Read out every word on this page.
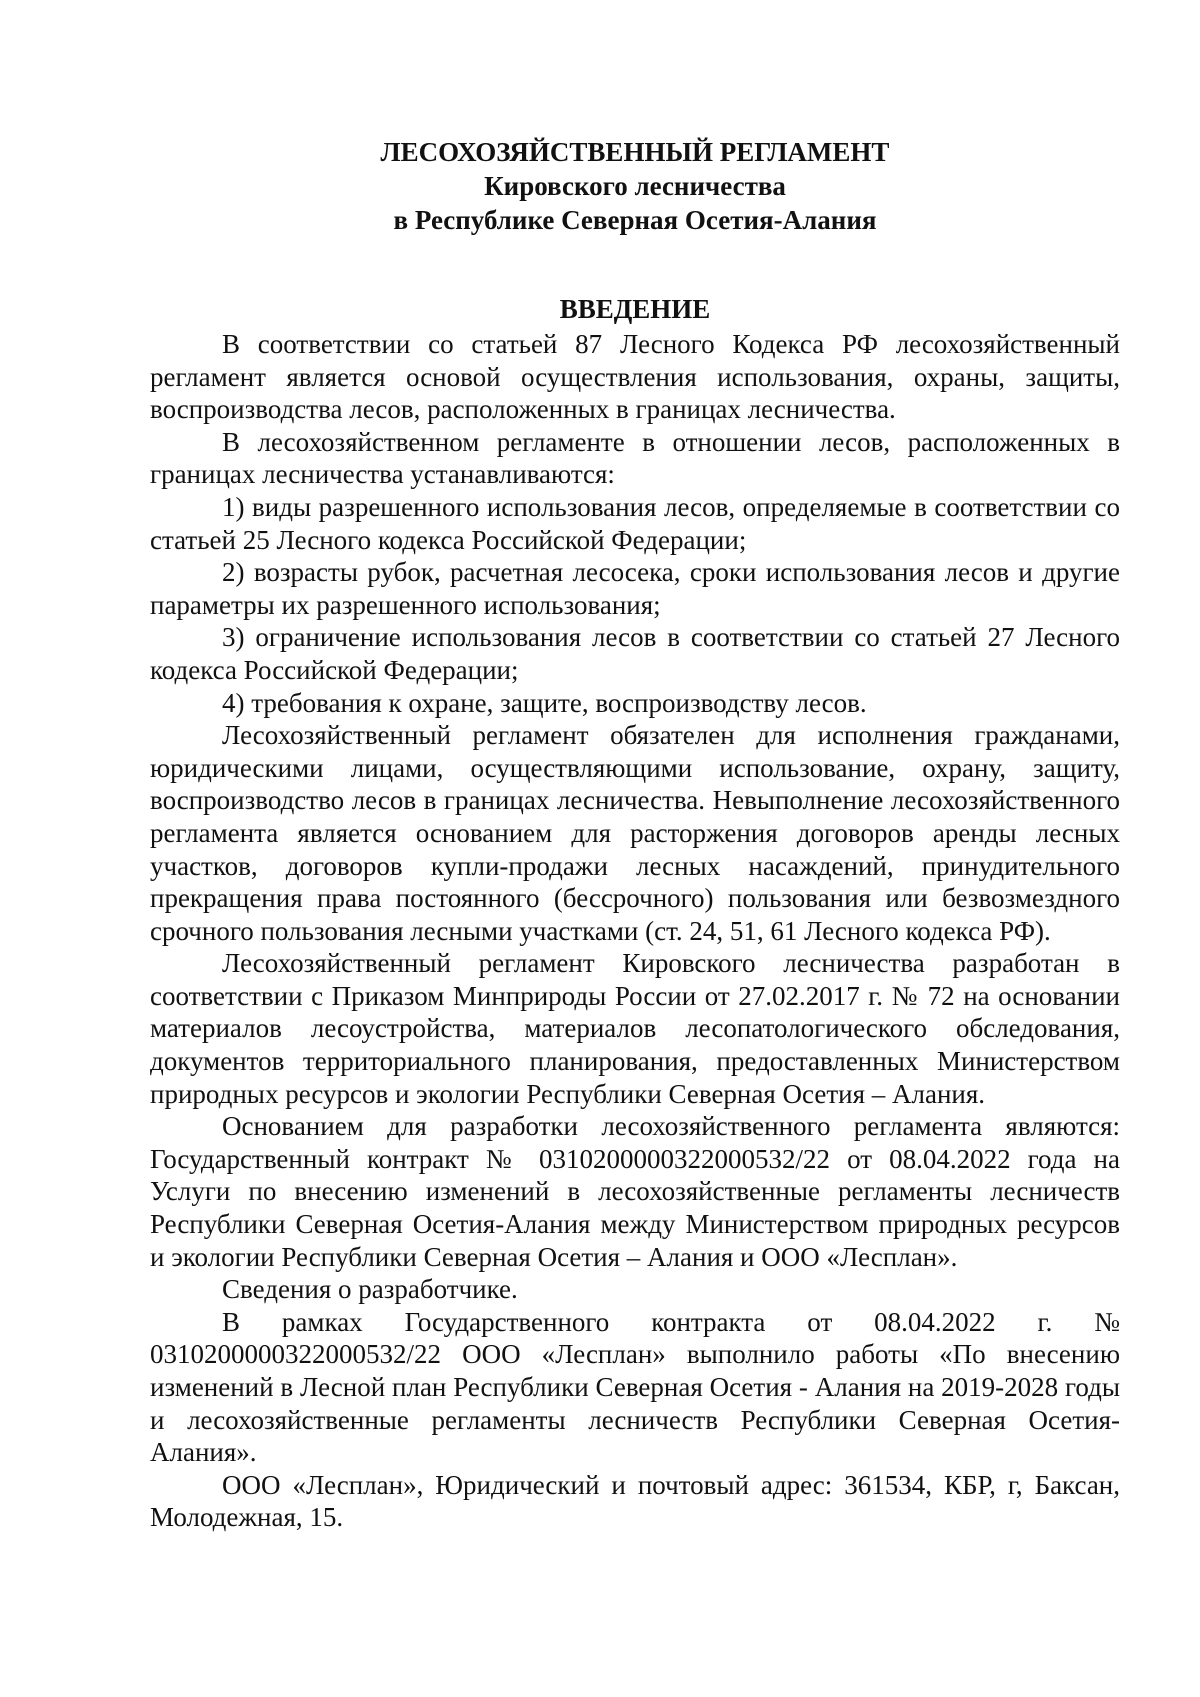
ЛЕСОХОЗЯЙСТВЕННЫЙ РЕГЛАМЕНТ
Кировского лесничества
в Республике Северная Осетия-Алания
ВВЕДЕНИЕ

В соответствии со статьей 87 Лесного Кодекса РФ лесохозяйственный регламент является основой осуществления использования, охраны, защиты, воспроизводства лесов, расположенных в границах лесничества.

В лесохозяйственном регламенте в отношении лесов, расположенных в границах лесничества устанавливаются:

1) виды разрешенного использования лесов, определяемые в соответствии со статьей 25 Лесного кодекса Российской Федерации;

2) возрасты рубок, расчетная лесосека, сроки использования лесов и другие параметры их разрешенного использования;

3) ограничение использования лесов в соответствии со статьей 27 Лесного кодекса Российской Федерации;

4) требования к охране, защите, воспроизводству лесов.

Лесохозяйственный регламент обязателен для исполнения гражданами, юридическими лицами, осуществляющими использование, охрану, защиту, воспроизводство лесов в границах лесничества. Невыполнение лесохозяйственного регламента является основанием для расторжения договоров аренды лесных участков, договоров купли-продажи лесных насаждений, принудительного прекращения права постоянного (бессрочного) пользования или безвозмездного срочного пользования лесными участками (ст. 24, 51, 61 Лесного кодекса РФ).

Лесохозяйственный регламент Кировского лесничества разработан в соответствии с Приказом Минприроды России от 27.02.2017 г. № 72 на основании материалов лесоустройства, материалов лесопатологического обследования, документов территориального планирования, предоставленных Министерством природных ресурсов и экологии Республики Северная Осетия – Алания.

Основанием для разработки лесохозяйственного регламента являются: Государственный контракт № 0310200000322000532/22 от 08.04.2022 года на Услуги по внесению изменений в лесохозяйственные регламенты лесничеств Республики Северная Осетия-Алания между Министерством природных ресурсов и экологии Республики Северная Осетия – Алания и ООО «Лесплан».

Сведения о разработчике.

В рамках Государственного контракта от 08.04.2022 г. № 0310200000322000532/22 ООО «Лесплан» выполнило работы «По внесению изменений в Лесной план Республики Северная Осетия - Алания на 2019-2028 годы и лесохозяйственные регламенты лесничеств Республики Северная Осетия-Алания».

ООО «Лесплан», Юридический и почтовый адрес: 361534, КБР, г, Баксан, Молодежная, 15.
